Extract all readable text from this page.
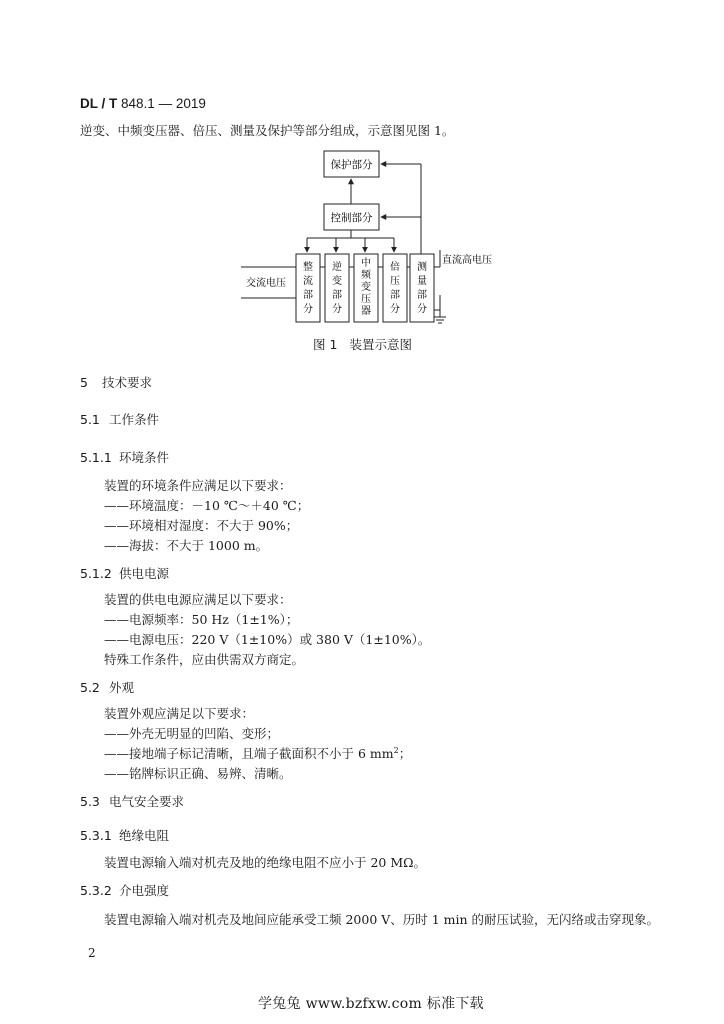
DL / T 848.1 — 2019
逆变、中频变压器、倍压、测量及保护等部分组成，示意图见图 1。
保护部分
控制部分
交流电压
直流高电压
整
流
部
分
逆
变
部
分
中
频
变
压
器
倍
压
部
分
测
量
部
分
图 1 装置示意图
5 技术要求
5.1 工作条件
5.1.1 环境条件
装置的环境条件应满足以下要求：
——环境温度：－10 ℃～＋40 ℃；
——环境相对湿度：不大于 90%；
——海拔：不大于 1000 m。
5.1.2 供电电源
装置的供电电源应满足以下要求：
——电源频率：50 Hz（1±1%）；
——电源电压：220 V（1±10%）或 380 V（1±10%）。
特殊工作条件，应由供需双方商定。
5.2 外观
装置外观应满足以下要求：
——外壳无明显的凹陷、变形；
——接地端子标记清晰，且端子截面积不小于 6 $mm^2$；
——铭牌标识正确、易辨、清晰。
5.3 电气安全要求
5.3.1 绝缘电阻
装置电源输入端对机壳及地的绝缘电阻不应小于 20 MΩ。
5.3.2 介电强度
装置电源输入端对机壳及地间应能承受工频 2000 V、历时 1 min 的耐压试验，无闪络或击穿现象。
2
学兔兔 www.bzfxw.com 标准下载
